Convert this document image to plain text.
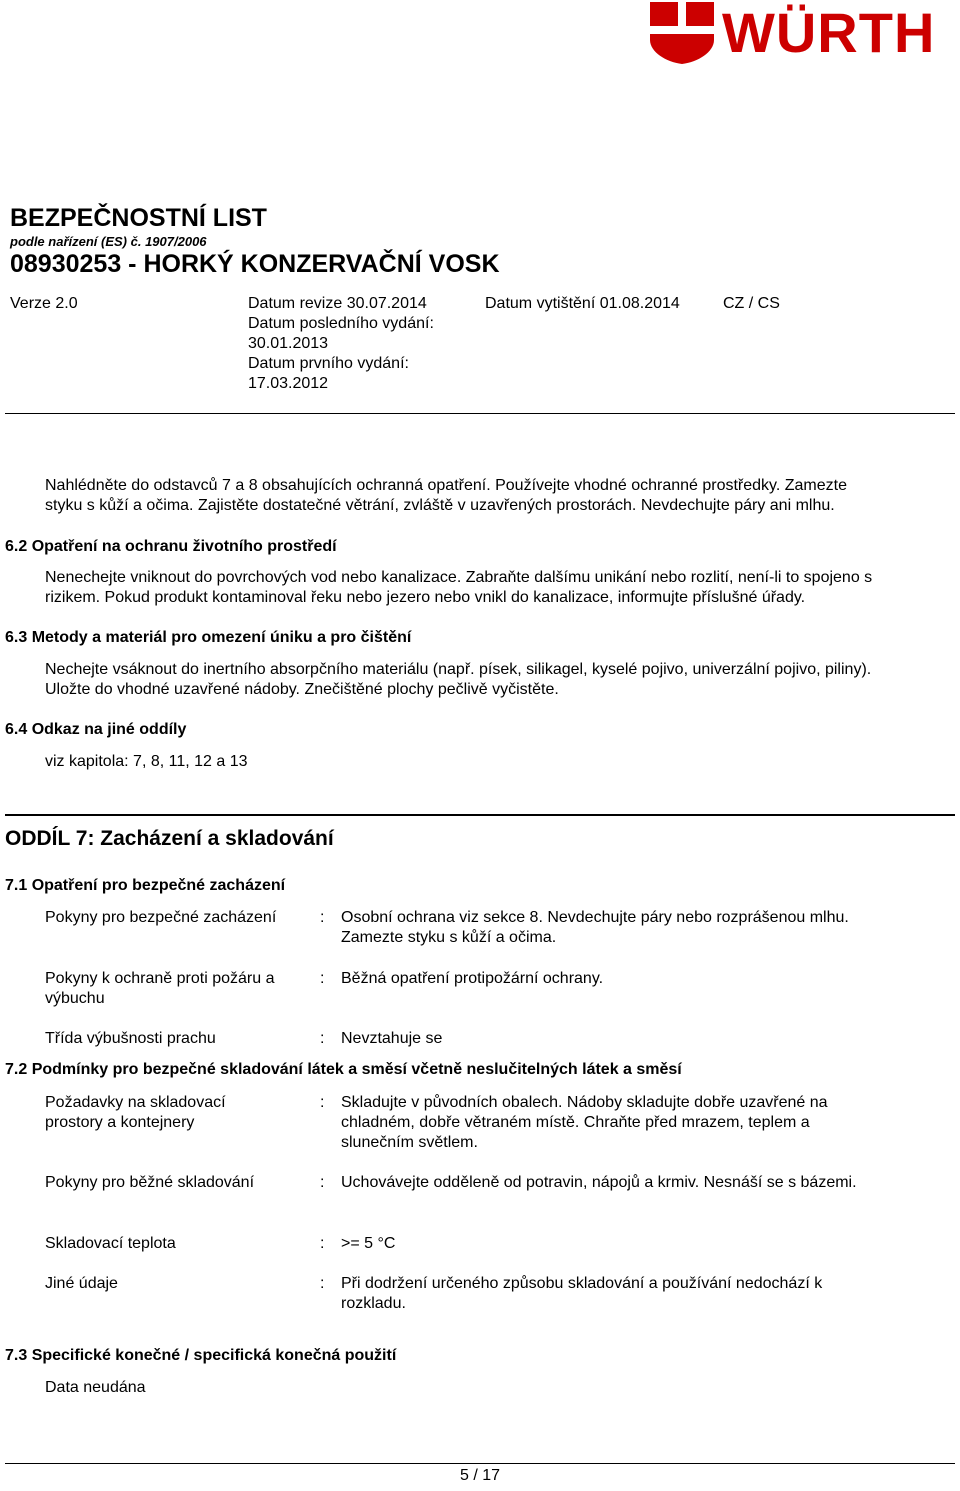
WÜRTH
BEZPEČNOSTNÍ LIST
podle nařízení (ES) č. 1907/2006
08930253 - HORKÝ KONZERVAČNÍ VOSK
Verze 2.0	Datum revize 30.07.2014
Datum posledního vydání:
30.01.2013
Datum prvního vydání:
17.03.2012
Datum vytištění 01.08.2014	CZ / CS
Nahlédněte do odstavců 7 a 8 obsahujících ochranná opatření. Používejte vhodné ochranné prostředky. Zamezte
styku s kůží a očima. Zajistěte dostatečné větrání, zvláště v uzavřených prostorách. Nevdechujte páry ani mlhu.
6.2 Opatření na ochranu životního prostředí
Nenechejte vniknout do povrchových vod nebo kanalizace. Zabraňte dalšímu unikání nebo rozlití, není-li to spojeno s
rizikem. Pokud produkt kontaminoval řeku nebo jezero nebo vnikl do kanalizace, informujte příslušné úřady.
6.3 Metody a materiál pro omezení úniku a pro čištění
Nechejte vsáknout do inertního absorpčního materiálu (např. písek, silikagel, kyselé pojivo, univerzální pojivo, piliny).
Uložte do vhodné uzavřené nádoby. Znečištěné plochy pečlivě vyčistěte.
6.4 Odkaz na jiné oddíly
viz kapitola: 7, 8, 11, 12 a 13
ODDÍL 7: Zacházení a skladování
7.1 Opatření pro bezpečné zacházení
Pokyny pro bezpečné zacházení	: Osobní ochrana viz sekce 8. Nevdechujte páry nebo rozprášenou mlhu. Zamezte styku s kůží a očima.
Pokyny k ochraně proti požáru a výbuchu
: Běžná opatření protipožární ochrany.
Třída výbušnosti prachu	: Nevztahuje se
7.2 Podmínky pro bezpečné skladování látek a směsí včetně neslučitelných látek a směsí
Požadavky na skladovací prostory a kontejnery
: Skladujte v původních obalech. Nádoby skladujte dobře uzavřené na chladném, dobře větraném místě. Chraňte před mrazem, teplem a slunečním světlem.
Pokyny pro běžné skladování	: Uchovávejte odděleně od potravin, nápojů a krmiv. Nesnáší se s bázemi.
Skladovací teplota	: >= 5 °C
Jiné údaje	: Při dodržení určeného způsobu skladování a používání nedochází k rozkladu.
7.3 Specifické konečné / specifická konečná použití
Data neudána
5 / 17
